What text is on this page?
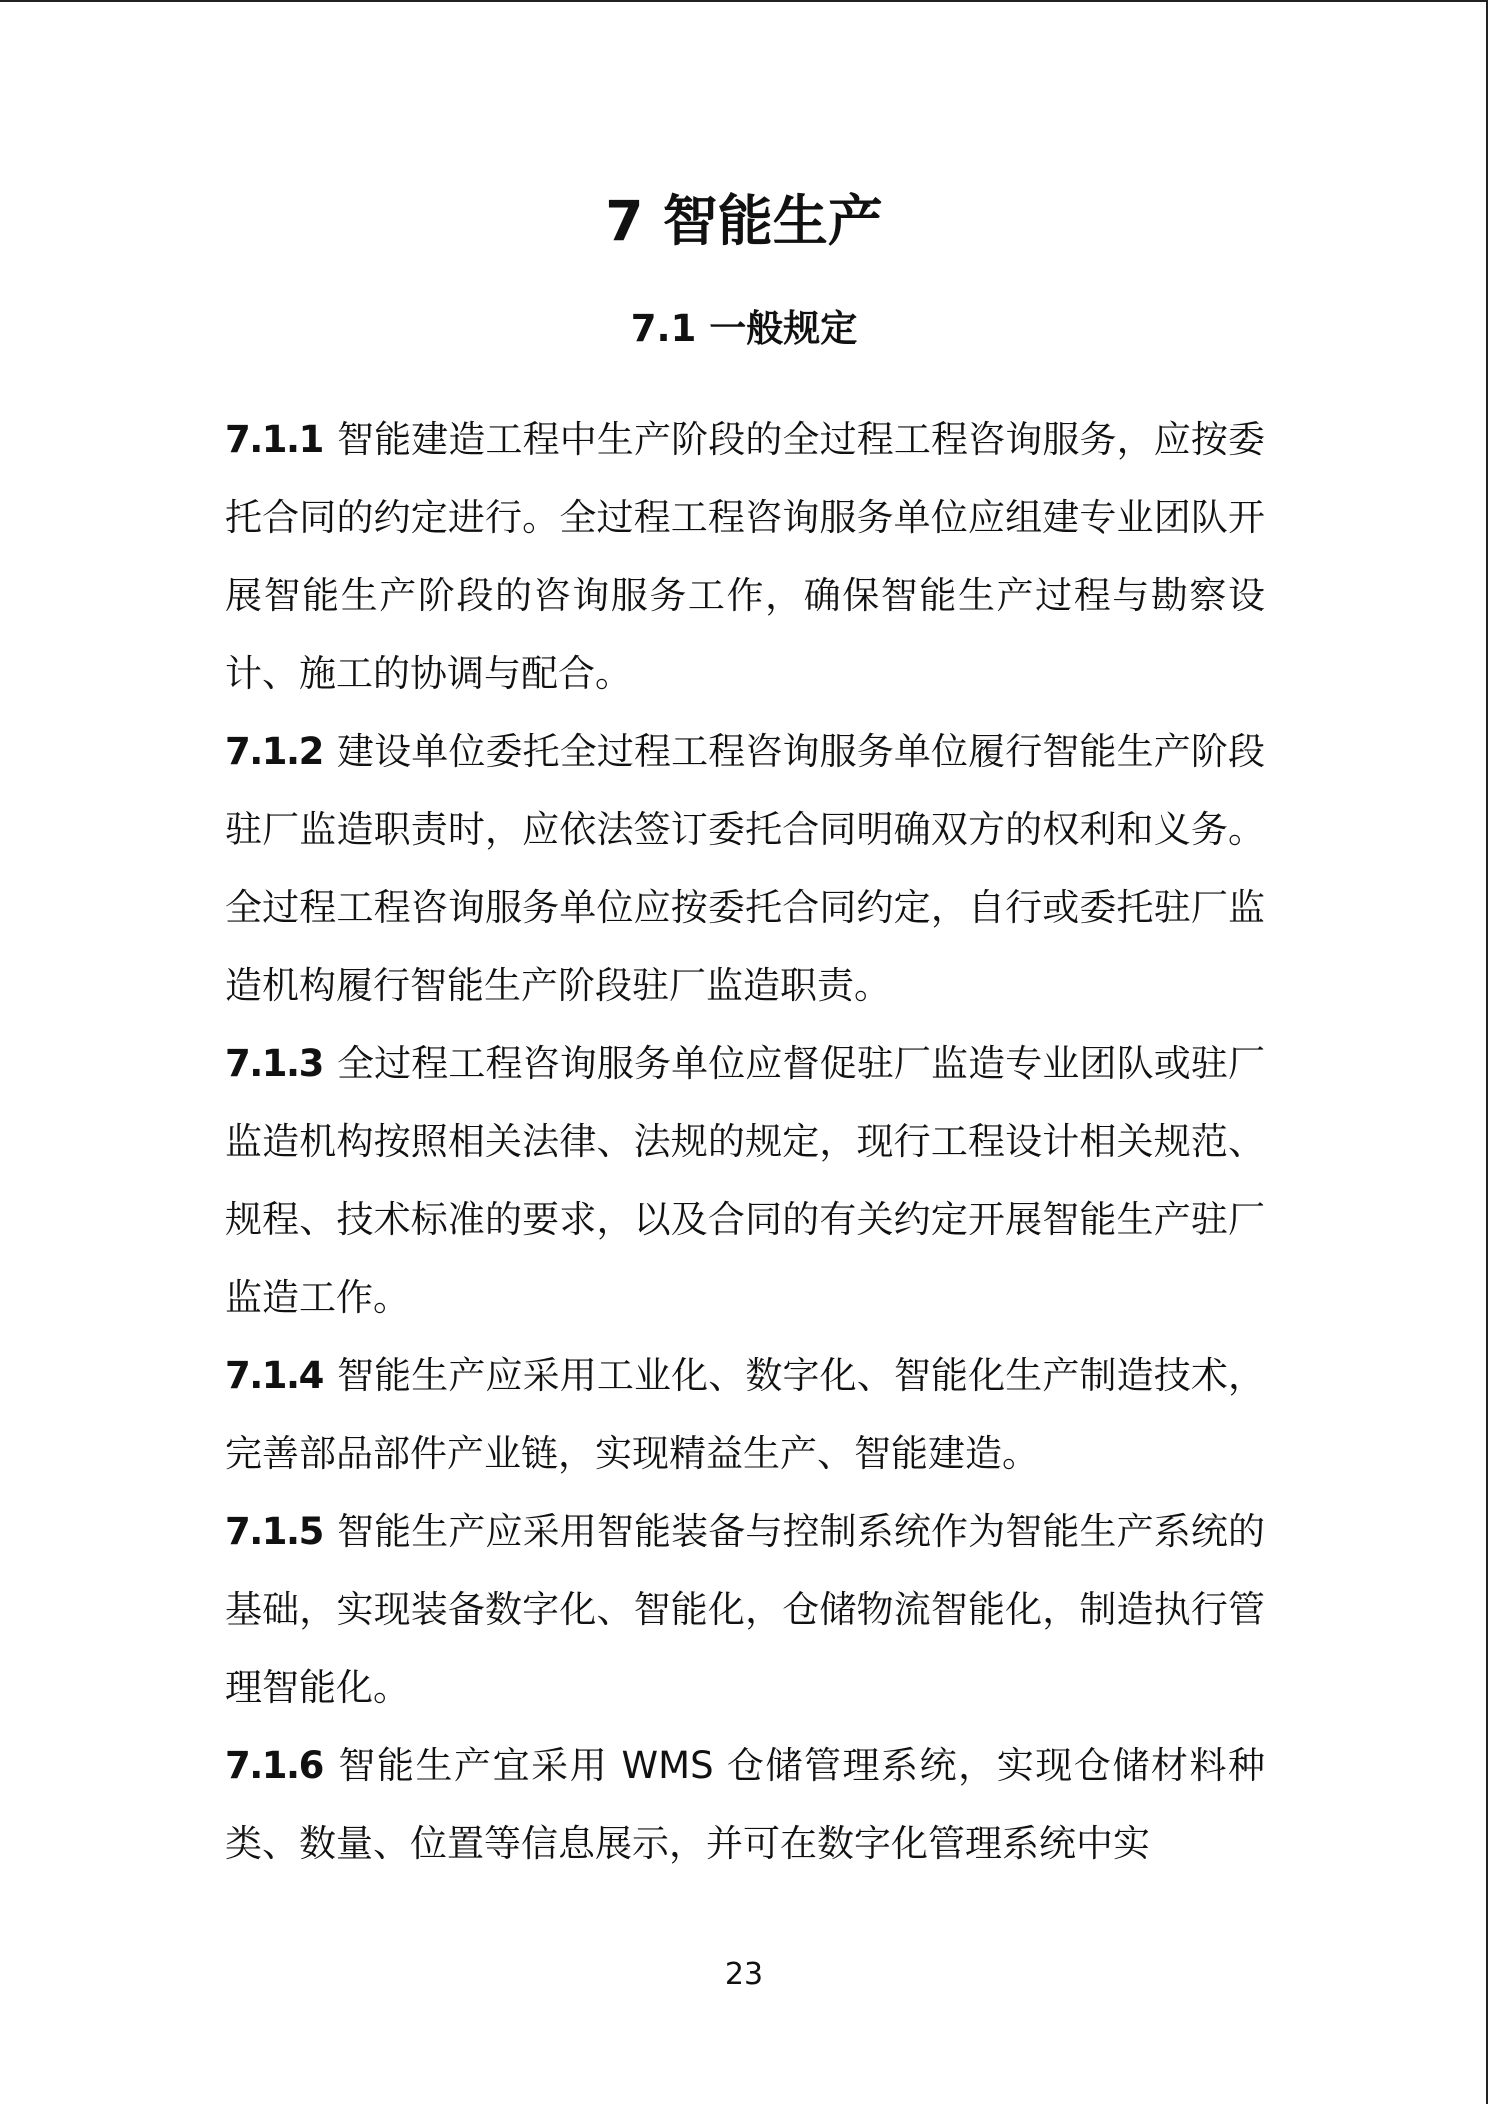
7 智能生产
7.1 一般规定

7.1.1 智能建造工程中生产阶段的全过程工程咨询服务，应按委托合同的约定进行。全过程工程咨询服务单位应组建专业团队开展智能生产阶段的咨询服务工作，确保智能生产过程与勘察设计、施工的协调与配合。

7.1.2 建设单位委托全过程工程咨询服务单位履行智能生产阶段驻厂监造职责时，应依法签订委托合同明确双方的权利和义务。全过程工程咨询服务单位应按委托合同约定，自行或委托驻厂监造机构履行智能生产阶段驻厂监造职责。

7.1.3 全过程工程咨询服务单位应督促驻厂监造专业团队或驻厂监造机构按照相关法律、法规的规定，现行工程设计相关规范、规程、技术标准的要求，以及合同的有关约定开展智能生产驻厂监造工作。

7.1.4 智能生产应采用工业化、数字化、智能化生产制造技术，完善部品部件产业链，实现精益生产、智能建造。

7.1.5 智能生产应采用智能装备与控制系统作为智能生产系统的基础，实现装备数字化、智能化，仓储物流智能化，制造执行管理智能化。

7.1.6 智能生产宜采用 WMS 仓储管理系统，实现仓储材料种类、数量、位置等信息展示，并可在数字化管理系统中实

23
